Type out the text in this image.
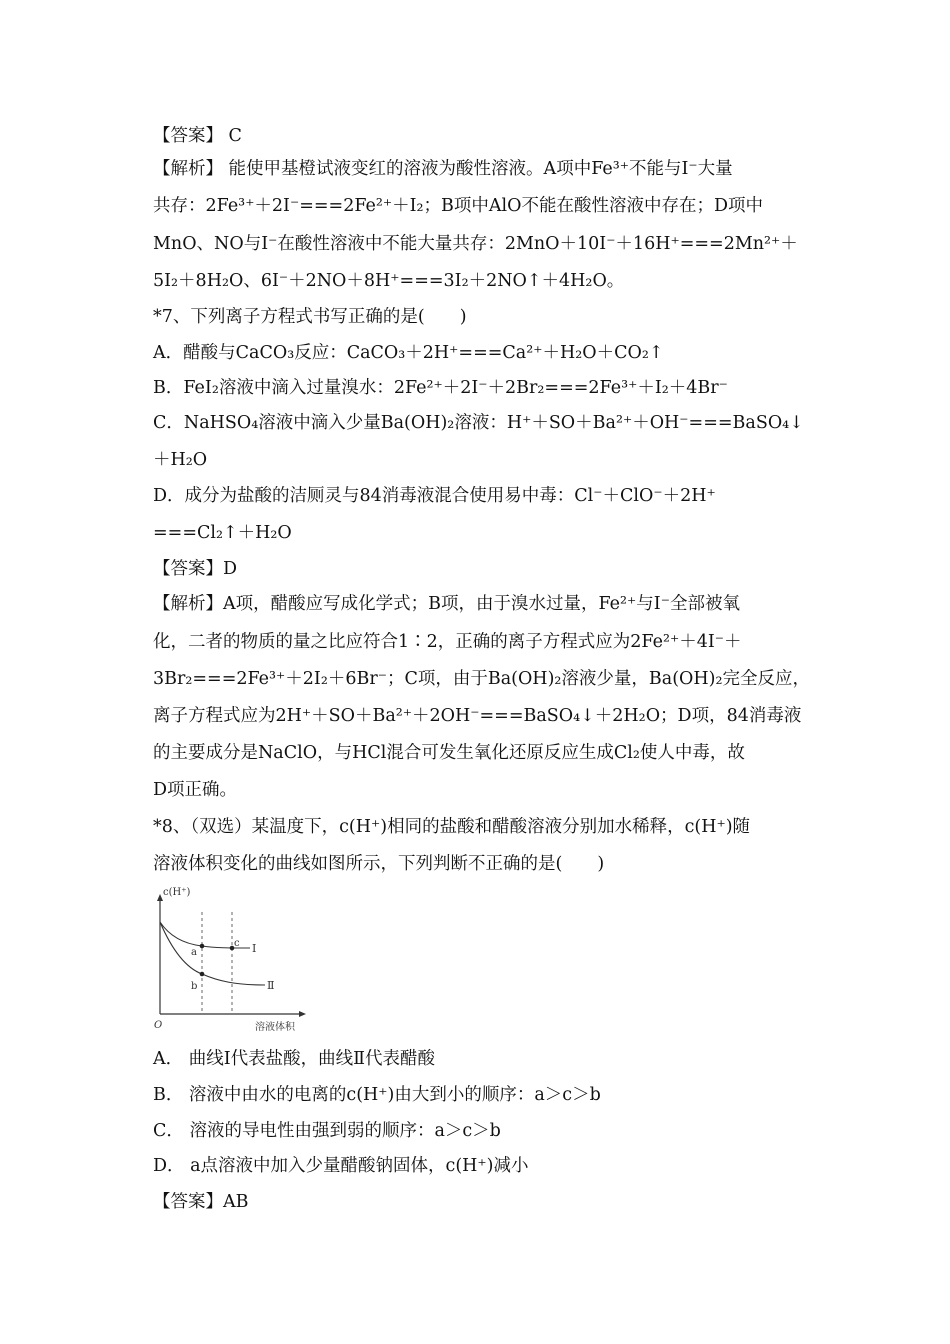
【答案】 C
【解析】 能使甲基橙试液变红的溶液为酸性溶液。A项中Fe³⁺不能与I⁻大量
共存：2Fe³⁺＋2I⁻===2Fe²⁺＋I₂；B项中AlO不能在酸性溶液中存在；D项中
MnO、NO与I⁻在酸性溶液中不能大量共存：2MnO＋10I⁻＋16H⁺===2Mn²⁺＋
5I₂＋8H₂O、6I⁻＋2NO＋8H⁺===3I₂＋2NO↑＋4H₂O。
*7、下列离子方程式书写正确的是(　　)
A．醋酸与CaCO₃反应：CaCO₃＋2H⁺===Ca²⁺＋H₂O＋CO₂↑
B．FeI₂溶液中滴入过量溴水：2Fe²⁺＋2I⁻＋2Br₂===2Fe³⁺＋I₂＋4Br⁻
C．NaHSO₄溶液中滴入少量Ba(OH)₂溶液：H⁺＋SO＋Ba²⁺＋OH⁻===BaSO₄↓
＋H₂O
D．成分为盐酸的洁厕灵与84消毒液混合使用易中毒：Cl⁻＋ClO⁻＋2H⁺
===Cl₂↑＋H₂O
【答案】D
【解析】A项，醋酸应写成化学式；B项，由于溴水过量，Fe²⁺与I⁻全部被氧
化，二者的物质的量之比应符合1∶2，正确的离子方程式应为2Fe²⁺＋4I⁻＋
3Br₂===2Fe³⁺＋2I₂＋6Br⁻；C项，由于Ba(OH)₂溶液少量，Ba(OH)₂完全反应，
离子方程式应为2H⁺＋SO＋Ba²⁺＋2OH⁻===BaSO₄↓＋2H₂O；D项，84消毒液
的主要成分是NaClO，与HCl混合可发生氧化还原反应生成Cl₂使人中毒，故
D项正确。
*8、（双选）某温度下，c(H⁺)相同的盐酸和醋酸溶液分别加水稀释，c(H⁺)随
溶液体积变化的曲线如图所示，下列判断不正确的是(　　)
c(H⁺)
溶液体积
O
Ⅰ
Ⅱ
a
c
b
A． 曲线Ⅰ代表盐酸，曲线Ⅱ代表醋酸
B． 溶液中由水的电离的c(H⁺)由大到小的顺序：a＞c＞b
C． 溶液的导电性由强到弱的顺序：a＞c＞b
D． a点溶液中加入少量醋酸钠固体，c(H⁺)减小
【答案】AB
